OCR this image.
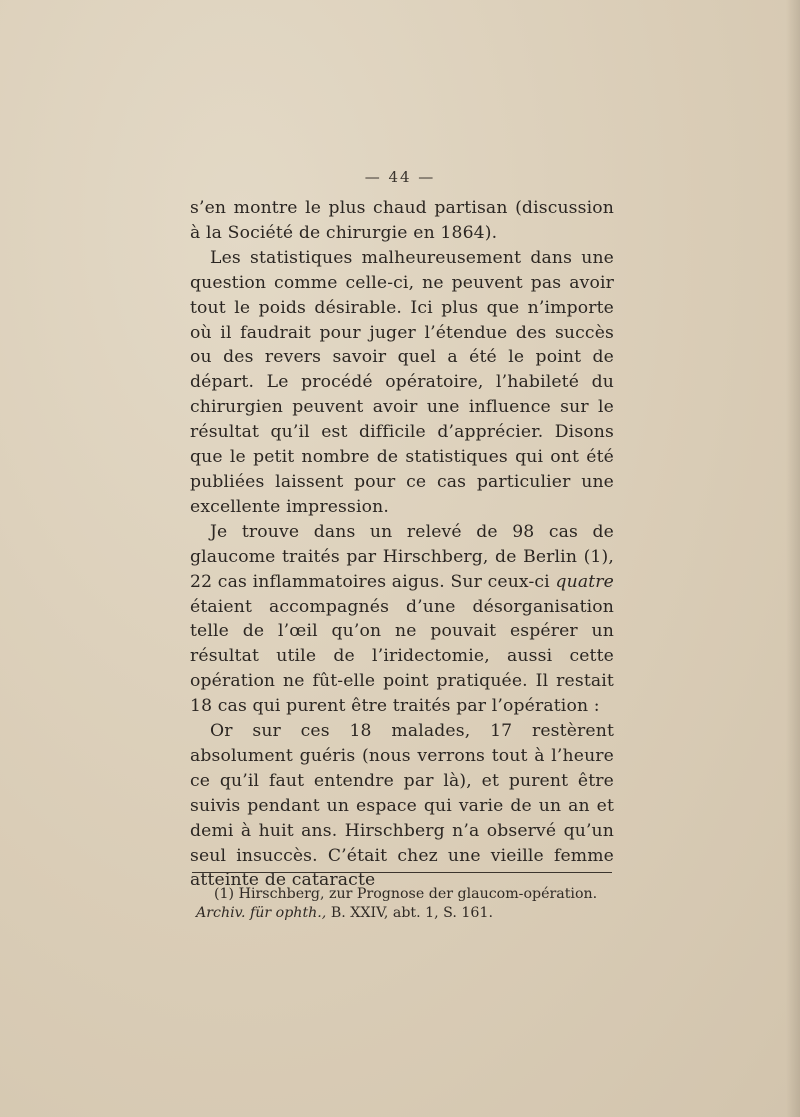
— 44 —

s’en montre le plus chaud partisan (discussion à la Société de chirurgie en 1864).

Les statistiques malheureusement dans une question comme celle-ci, ne peuvent pas avoir tout le poids désirable. Ici plus que n’importe où il faudrait pour juger l’étendue des succès ou des revers savoir quel a été le point de départ. Le procédé opératoire, l’habileté du chirurgien peuvent avoir une influence sur le résultat qu’il est difficile d’apprécier. Disons que le petit nombre de statistiques qui ont été publiées laissent pour ce cas particulier une excellente impression.

Je trouve dans un relevé de 98 cas de glaucome traités par Hirschberg, de Berlin (1), 22 cas inflammatoires aigus. Sur ceux-ci quatre étaient accompagnés d’une désorganisation telle de l’œil qu’on ne pouvait espérer un résultat utile de l’iridectomie, aussi cette opération ne fût-elle point pratiquée. Il restait 18 cas qui purent être traités par l’opération :

Or sur ces 18 malades, 17 restèrent absolument guéris (nous verrons tout à l’heure ce qu’il faut entendre par là), et purent être suivis pendant un espace qui varie de un an et demi à huit ans. Hirschberg n’a observé qu’un seul insuccès. C’était chez une vieille femme atteinte de cataracte

(1) Hirschberg, zur Prognose der glaucom-opération.

Archiv. für ophth., B. XXIV, abt. 1, S. 161.
